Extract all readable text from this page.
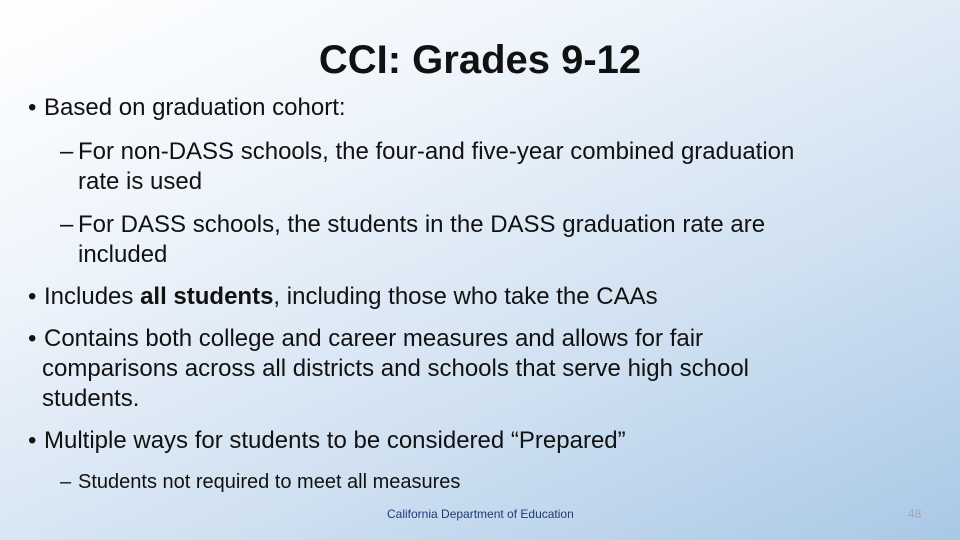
CCI: Grades 9-12
• Based on graduation cohort:
– For non-DASS schools, the four-and five-year combined graduation
rate is used
– For DASS schools, the students in the DASS graduation rate are
included
• Includes all students, including those who take the CAAs
• Contains both college and career measures and allows for fair
comparisons across all districts and schools that serve high school
students.
• Multiple ways for students to be considered “Prepared”
– Students not required to meet all measures
California Department of Education	48
